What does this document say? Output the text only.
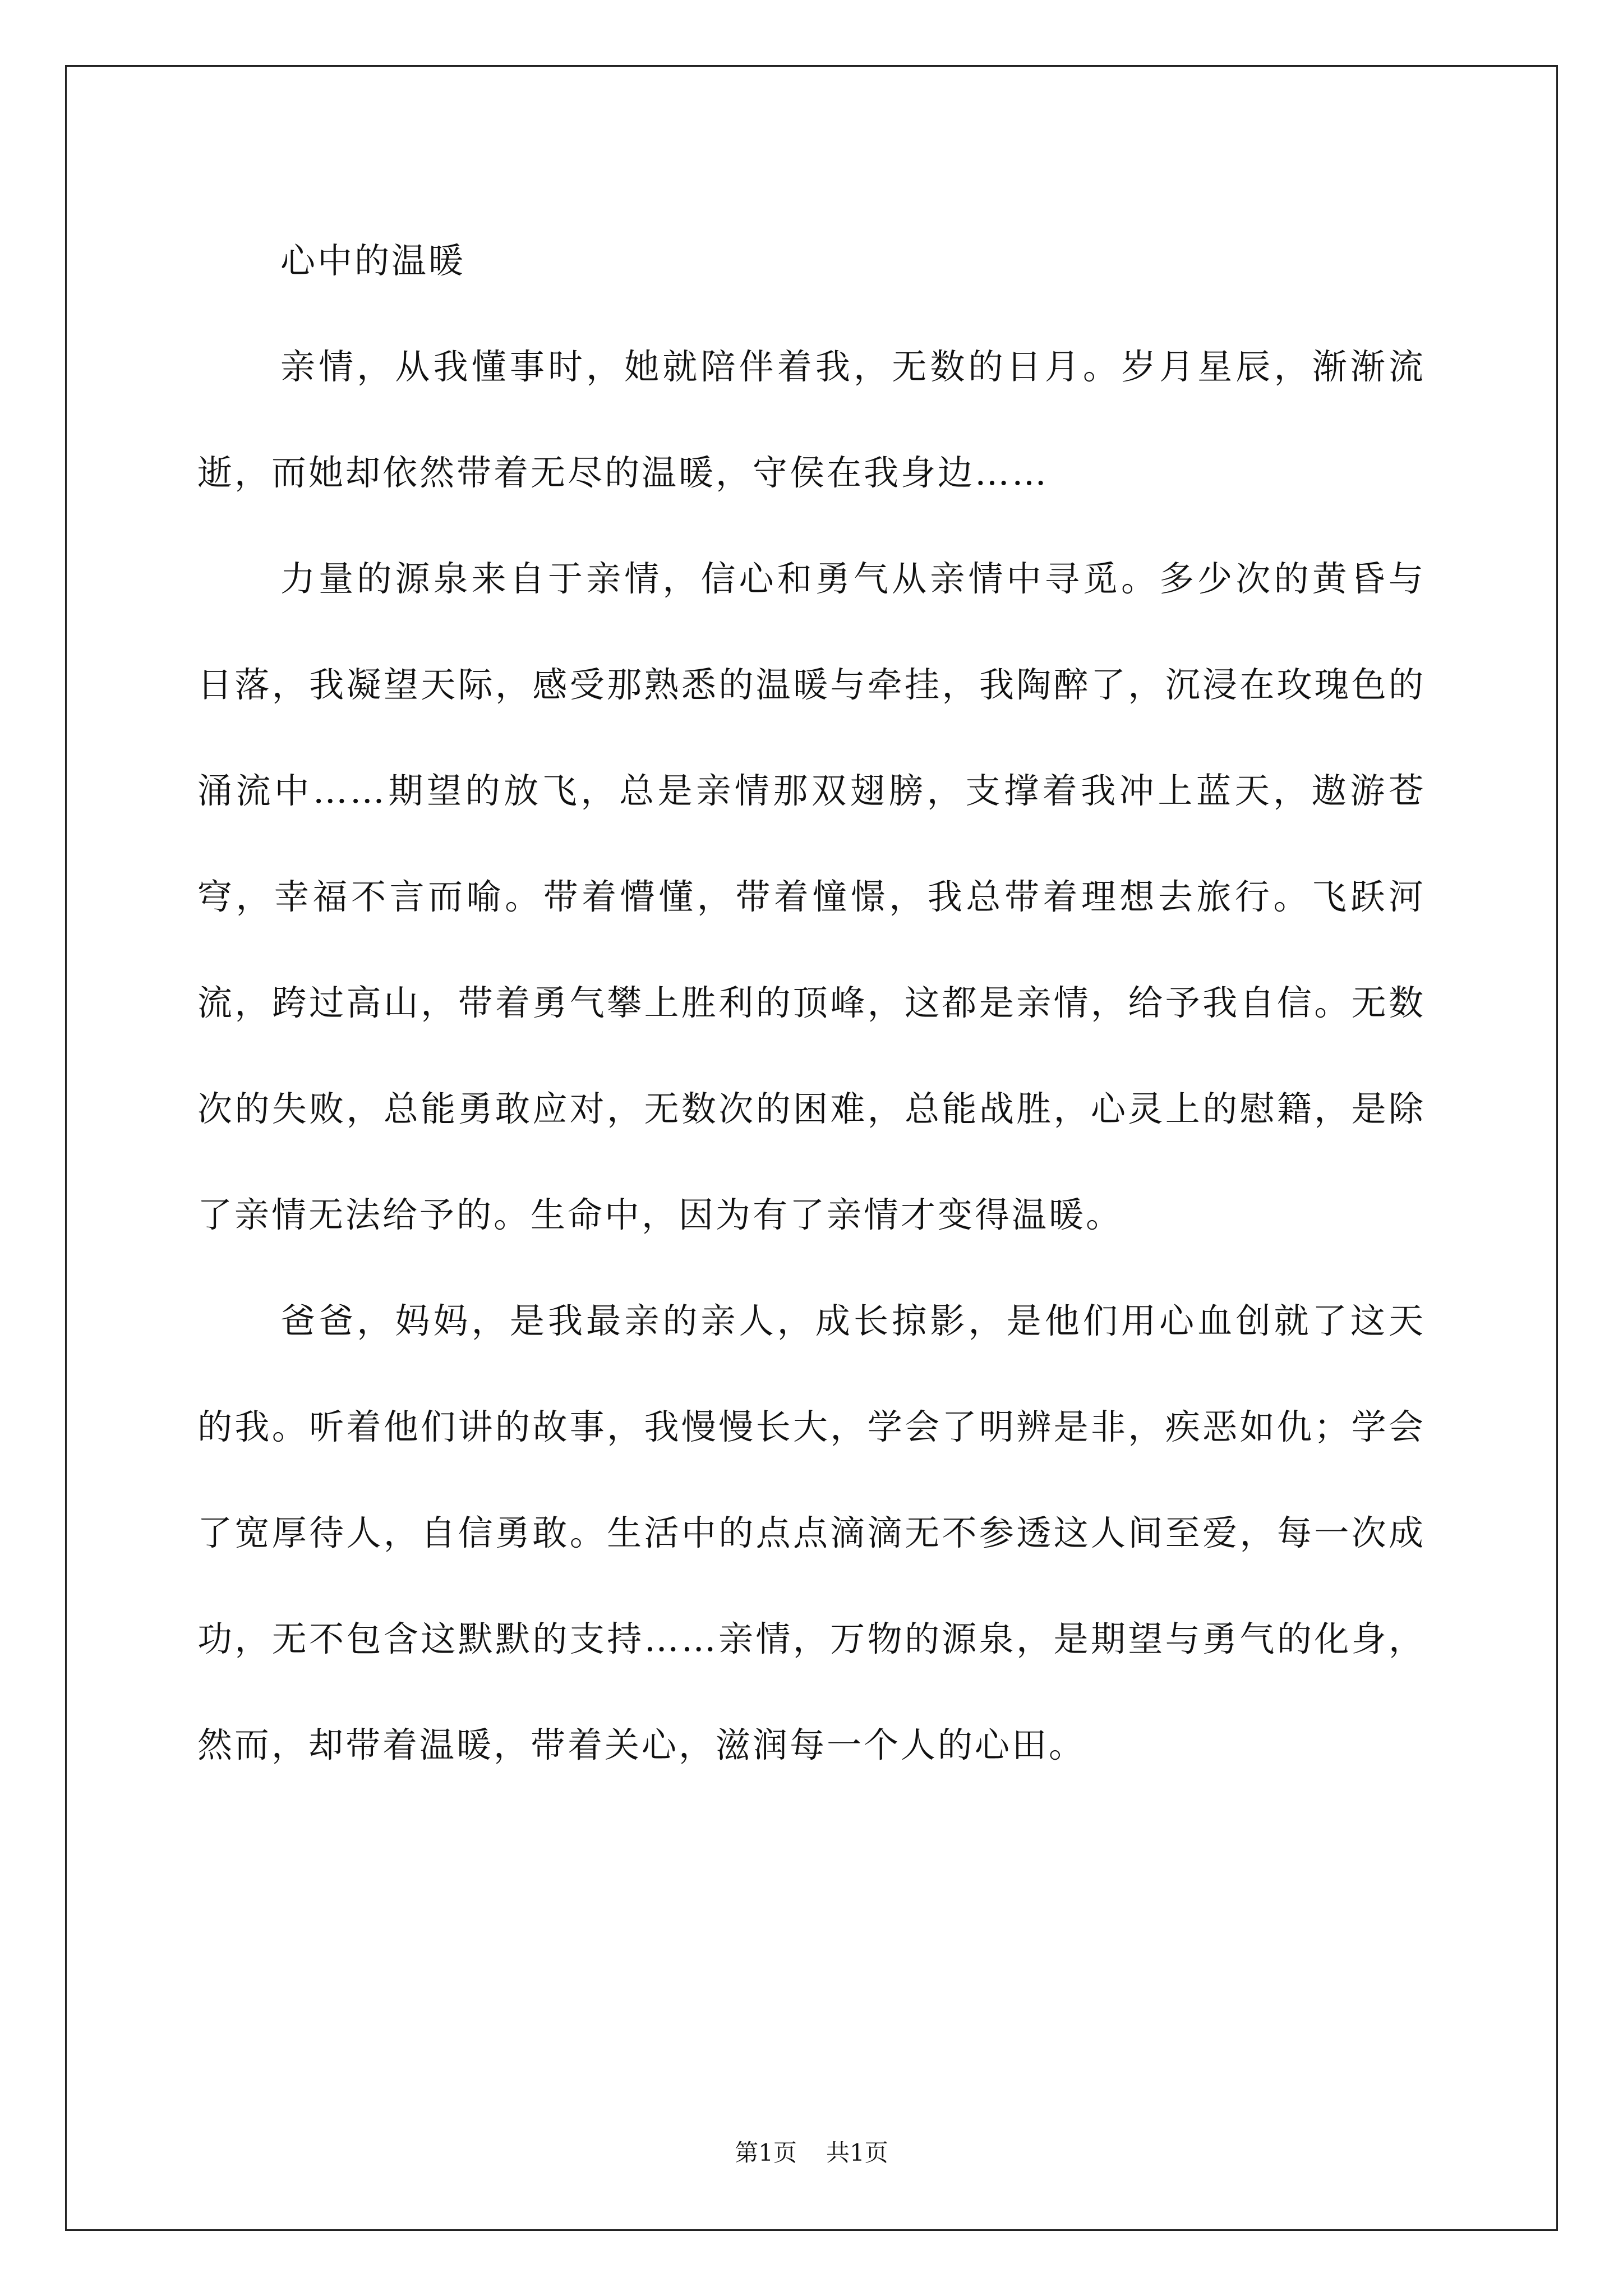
心中的温暖

亲情，从我懂事时，她就陪伴着我，无数的日月。岁月星辰，渐渐流逝，而她却依然带着无尽的温暖，守侯在我身边……

力量的源泉来自于亲情，信心和勇气从亲情中寻觅。多少次的黄昏与日落，我凝望天际，感受那熟悉的温暖与牵挂，我陶醉了，沉浸在玫瑰色的涌流中……期望的放飞，总是亲情那双翅膀，支撑着我冲上蓝天，遨游苍穹，幸福不言而喻。带着懵懂，带着憧憬，我总带着理想去旅行。飞跃河流，跨过高山，带着勇气攀上胜利的顶峰，这都是亲情，给予我自信。无数次的失败，总能勇敢应对，无数次的困难，总能战胜，心灵上的慰籍，是除了亲情无法给予的。生命中，因为有了亲情才变得温暖。

爸爸，妈妈，是我最亲的亲人，成长掠影，是他们用心血创就了这天的我。听着他们讲的故事，我慢慢长大，学会了明辨是非，疾恶如仇；学会了宽厚待人，自信勇敢。生活中的点点滴滴无不参透这人间至爱，每一次成功，无不包含这默默的支持……亲情，万物的源泉，是期望与勇气的化身，然而，却带着温暖，带着关心，滋润每一个人的心田。

第1页 共1页
